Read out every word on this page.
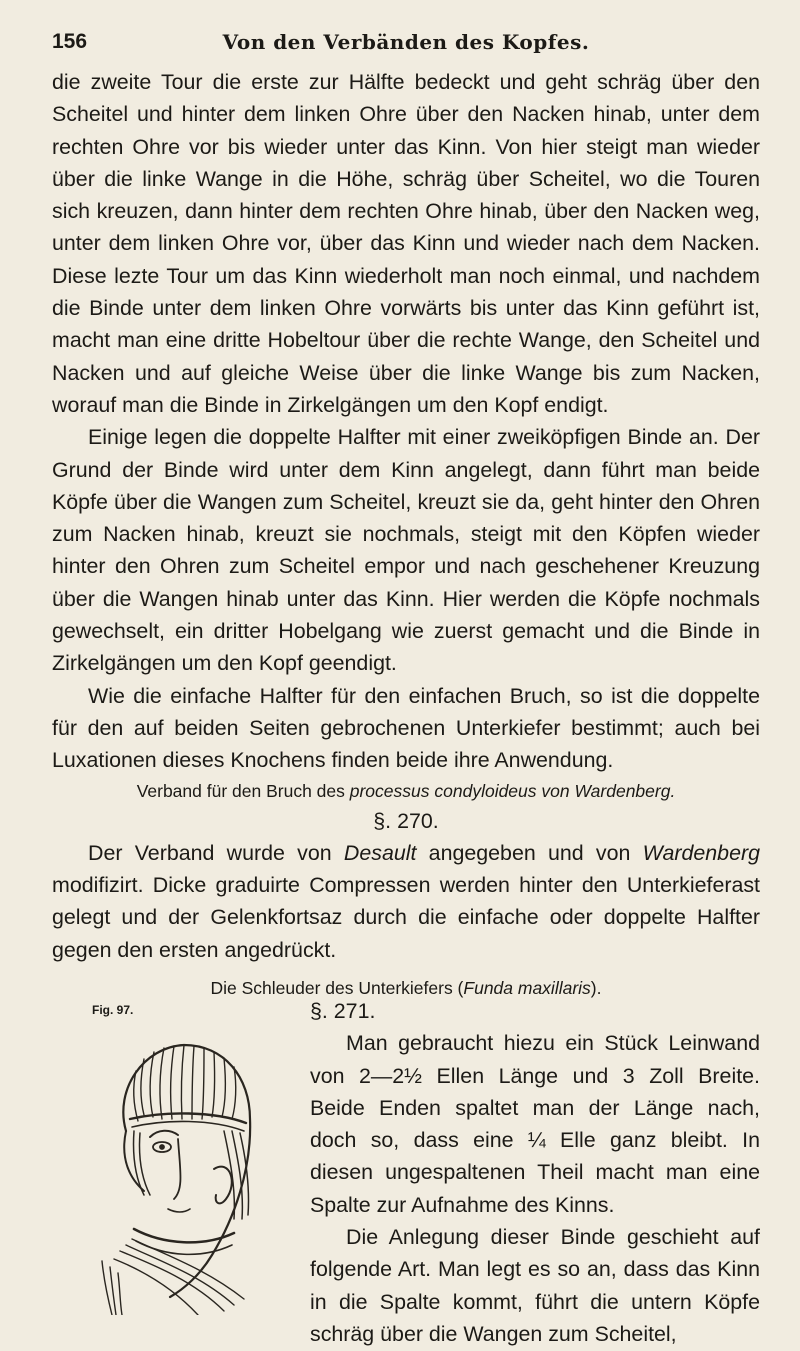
156	Von den Verbänden des Kopfes.

die zweite Tour die erste zur Hälfte bedeckt und geht schräg über den Scheitel und hinter dem linken Ohre über den Nacken hinab, unter dem rechten Ohre vor bis wieder unter das Kinn. Von hier steigt man wieder über die linke Wange in die Höhe, schräg über Scheitel, wo die Touren sich kreuzen, dann hinter dem rechten Ohre hinab, über den Nacken weg, unter dem linken Ohre vor, über das Kinn und wieder nach dem Nacken. Diese lezte Tour um das Kinn wiederholt man noch einmal, und nachdem die Binde unter dem linken Ohre vorwärts bis unter das Kinn geführt ist, macht man eine dritte Hobeltour über die rechte Wange, den Scheitel und Nacken und auf gleiche Weise über die linke Wange bis zum Nacken, worauf man die Binde in Zirkelgängen um den Kopf endigt.

Einige legen die doppelte Halfter mit einer zweiköpfigen Binde an. Der Grund der Binde wird unter dem Kinn angelegt, dann führt man beide Köpfe über die Wangen zum Scheitel, kreuzt sie da, geht hinter den Ohren zum Nacken hinab, kreuzt sie nochmals, steigt mit den Köpfen wieder hinter den Ohren zum Scheitel empor und nach geschehener Kreuzung über die Wangen hinab unter das Kinn. Hier werden die Köpfe nochmals gewechselt, ein dritter Hobelgang wie zuerst gemacht und die Binde in Zirkelgängen um den Kopf geendigt.

Wie die einfache Halfter für den einfachen Bruch, so ist die doppelte für den auf beiden Seiten gebrochenen Unterkiefer bestimmt; auch bei Luxationen dieses Knochens finden beide ihre Anwendung.

Verband für den Bruch des processus condyloideus von Wardenberg.

§. 270.

Der Verband wurde von Desault angegeben und von Wardenberg modifizirt. Dicke graduirte Compressen werden hinter den Unterkieferast gelegt und der Gelenkfortsaz durch die einfache oder doppelte Halfter gegen den ersten angedrückt.

Die Schleuder des Unterkiefers (Funda maxillaris).

Fig. 97.	§. 271.

Man gebraucht hiezu ein Stück Leinwand von 2—2½ Ellen Länge und 3 Zoll Breite. Beide Enden spaltet man der Länge nach, doch so, dass eine ¼ Elle ganz bleibt. In diesen ungespaltenen Theil macht man eine Spalte zur Aufnahme des Kinns.

Die Anlegung dieser Binde geschieht auf folgende Art. Man legt es so an, dass das Kinn in die Spalte kommt, führt die untern Köpfe schräg über die Wangen zum Scheitel,
